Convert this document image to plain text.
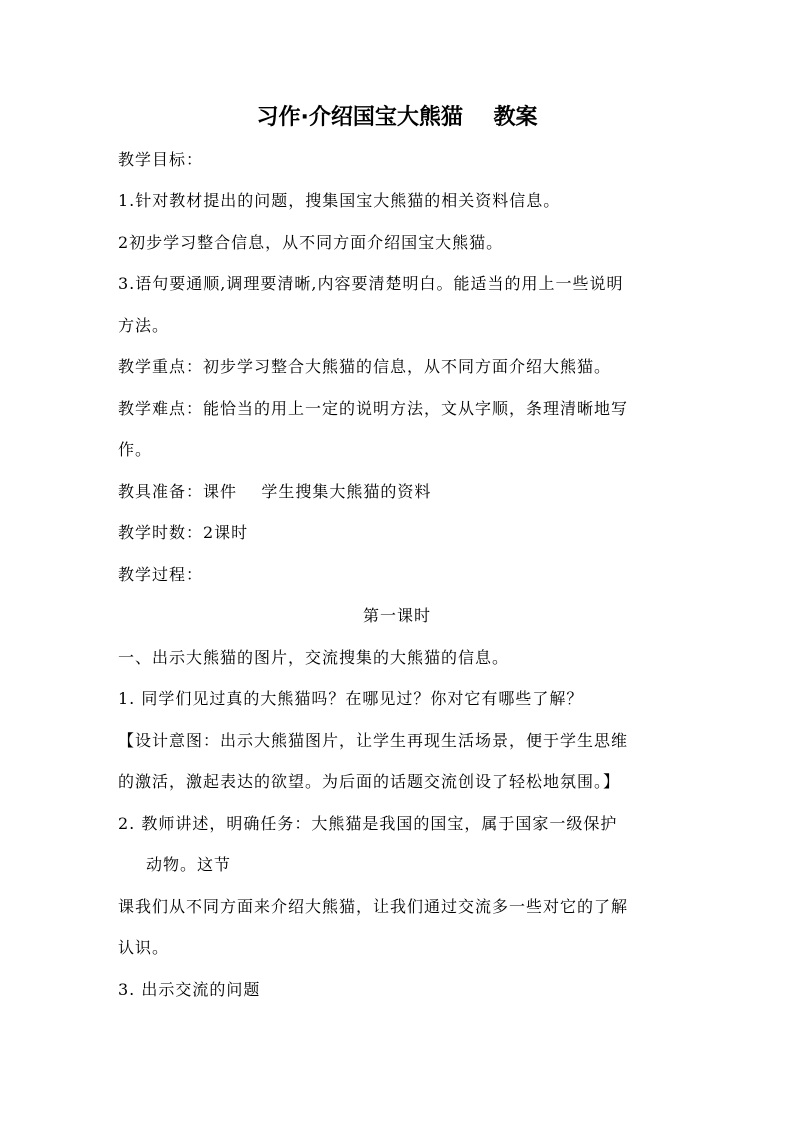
习作·介绍国宝大熊猫    教案
教学目标：
1.针对教材提出的问题，搜集国宝大熊猫的相关资料信息。
2初步学习整合信息，从不同方面介绍国宝大熊猫。
3.语句要通顺,调理要清晰,内容要清楚明白。能适当的用上一些说明
方法。
教学重点：初步学习整合大熊猫的信息，从不同方面介绍大熊猫。
教学难点：能恰当的用上一定的说明方法，文从字顺，条理清晰地写
作。
教具准备：课件    学生搜集大熊猫的资料
教学时数：2课时
教学过程：
第一课时
一、出示大熊猫的图片，交流搜集的大熊猫的信息。
1. 同学们见过真的大熊猫吗？在哪见过？你对它有哪些了解？
【设计意图：出示大熊猫图片，让学生再现生活场景，便于学生思维
的激活，激起表达的欲望。为后面的话题交流创设了轻松地氛围。】
2. 教师讲述，明确任务：大熊猫是我国的国宝，属于国家一级保护
动物。这节
课我们从不同方面来介绍大熊猫，让我们通过交流多一些对它的了解
认识。
3. 出示交流的问题
